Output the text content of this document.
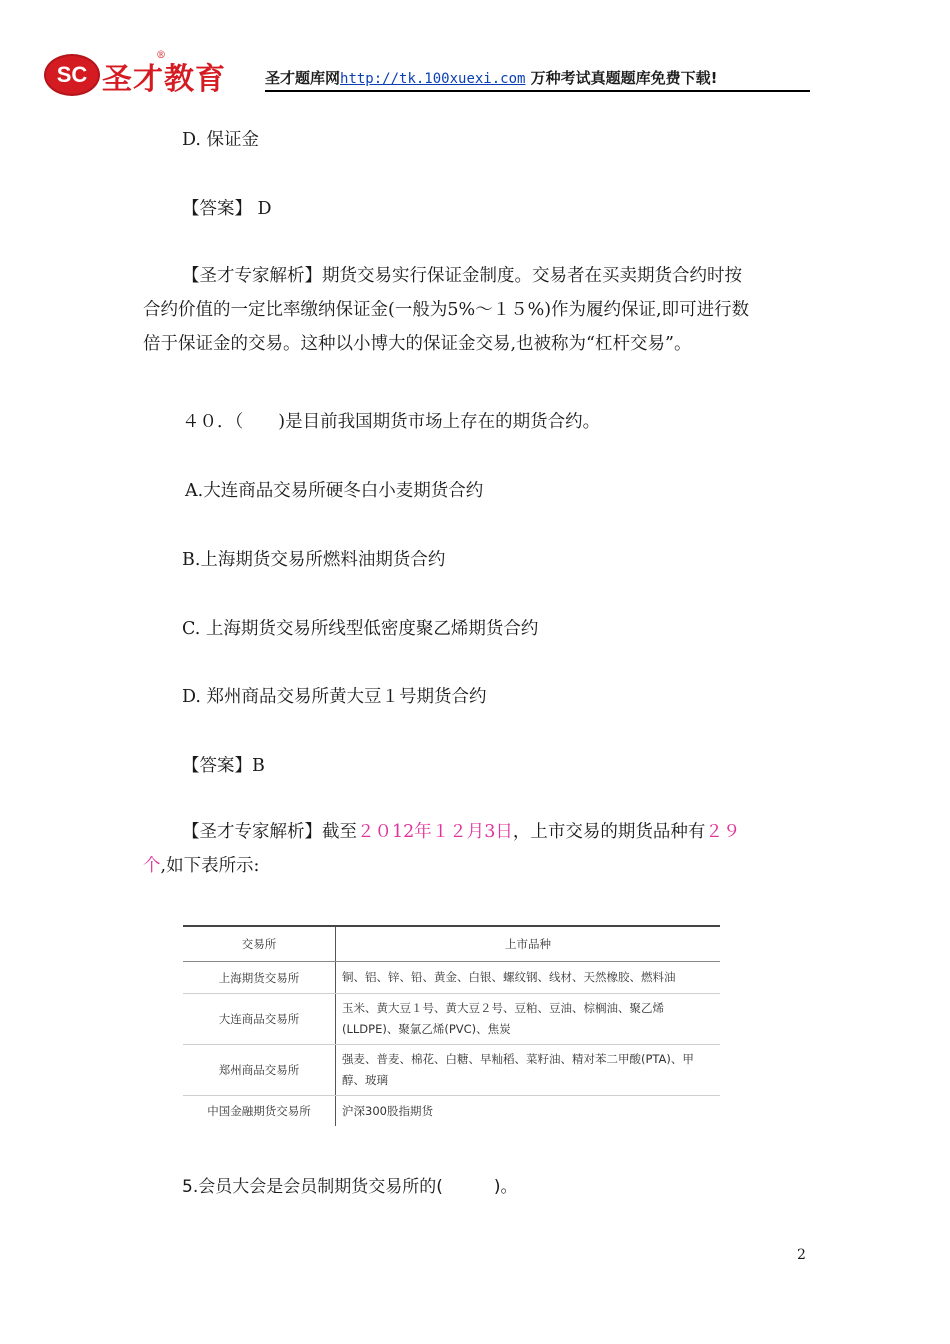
SC 圣才教育
®
圣才题库网http://tk.100xuexi.com 万种考试真题题库免费下载!
D. 保证金
【答案】 D
【圣才专家解析】期货交易实行保证金制度。交易者在买卖期货合约时按
合约价值的一定比率缴纳保证金(一般为5%～１５%)作为履约保证,即可进行数
倍于保证金的交易。这种以小博大的保证金交易,也被称为“杠杆交易”。
４０．（　　)是目前我国期货市场上存在的期货合约。
A.大连商品交易所硬冬白小麦期货合约
B.上海期货交易所燃料油期货合约
C. 上海期货交易所线型低密度聚乙烯期货合约
D. 郑州商品交易所黄大豆１号期货合约
【答案】B
【圣才专家解析】截至２０12年１２月3日，上市交易的期货品种有２９
个,如下表所示:
交易所	上市品种
上海期货交易所	铜、铝、锌、铅、黄金、白银、螺纹钢、线材、天然橡胶、燃料油
大连商品交易所	玉米、黄大豆１号、黄大豆２号、豆粕、豆油、棕榈油、聚乙烯(LLDPE)、聚氯乙烯(PVC)、焦炭
郑州商品交易所	强麦、普麦、棉花、白糖、早籼稻、菜籽油、精对苯二甲酸(PTA)、甲醇、玻璃
中国金融期货交易所	沪深300股指期货
5.会员大会是会员制期货交易所的(　　　)。
2
